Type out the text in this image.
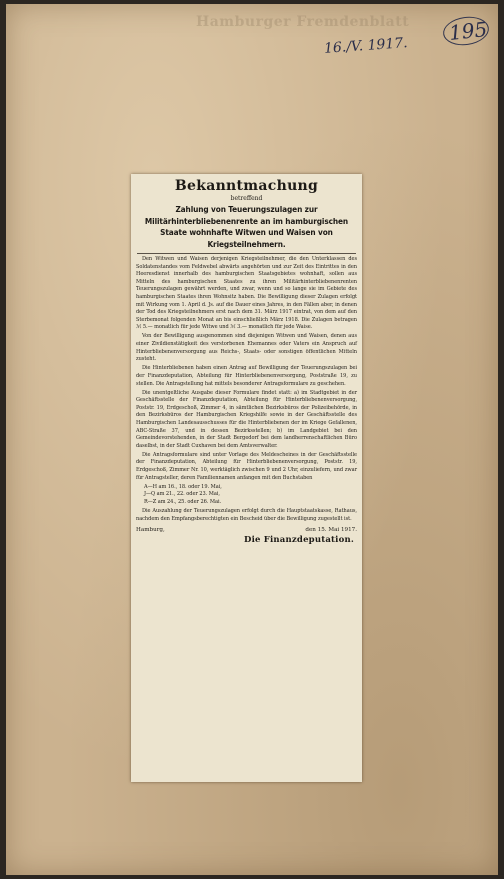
Hamburger Fremdenblatt
16./V. 1917.
195
Bekanntmachung
betreffend
Zahlung von Teuerungszulagen zur Militärhinterbliebenenrente an im hamburgischen Staate wohnhafte Witwen und Waisen von Kriegsteilnehmern.

Den Witwen und Waisen derjenigen Kriegsteilnehmer, die den Unterklassen des Soldatenstandes vom Feldwebel abwärts angehörten und zur Zeit des Eintrittes in den Heeresdienst innerhalb des hamburgischen Staatsgebietes wohnhaft, sollen aus Mitteln des hamburgischen Staates zu ihren Militärhinterbliebenenrenten Teuerungszulagen gewährt werden, und zwar, wenn und so lange sie im Gebiete des hamburgischen Staates ihren Wohnsitz haben. Die Bewilligung dieser Zulagen erfolgt mit Wirkung vom 1. April d. Js. auf die Dauer eines Jahres, in den Fällen aber, in denen der Tod des Kriegsteilnehmers erst nach dem 31. März 1917 eintrat, von dem auf den Sterbemonat folgenden Monat an bis einschließlich März 1918. Die Zulagen betragen ℳ 5.— monatlich für jede Witwe und ℳ 3.— monatlich für jede Waise.

Von der Bewilligung ausgenommen sind diejenigen Witwen und Waisen, denen aus einer Zivildienstätigkeit des verstorbenen Ehemannes oder Vaters ein Anspruch auf Hinterbliebenenversorgung aus Reichs-, Staats- oder sonstigen öffentlichen Mitteln zusteht.

Die Hinterbliebenen haben einen Antrag auf Bewilligung der Teuerungszulagen bei der Finanzdeputation, Abteilung für Hinterbliebenenversorgung, Poststraße 19, zu stellen. Die Antragstellung hat mittels besonderer Antragsformulare zu geschehen.

Die unentgeltliche Ausgabe dieser Formulare findet statt: a) im Stadtgebiet in der Geschäftsstelle der Finanzdeputation, Abteilung für Hinterbliebenenversorgung, Poststr. 19, Erdgeschoß, Zimmer 4, in sämtlichen Bezirksbüros der Polizeibehörde, in den Bezirksbüros der Hamburgischen Kriegshilfe sowie in der Geschäftsstelle des Hamburgischen Landesausschusses für die Hinterbliebenen der im Kriege Gefallenen, ABC-Straße 37, und in dessen Bezirksstellen; b) im Landgebiet bei den Gemeindevorstehenden, in der Stadt Bergedorf bei dem landherrenschaftlichen Büro daselbst, in der Stadt Cuxhaven bei dem Amtsverwalter.

Die Antragsformulare sind unter Vorlage des Meldescheines in der Geschäftsstelle der Finanzdeputation, Abteilung für Hinterbliebenenversorgung, Poststr. 19, Erdgeschoß, Zimmer Nr. 10, werktäglich zwischen 9 und 2 Uhr, einzuliefern, und zwar für Antragsteller, deren Familiennamen anfangen mit den Buchstaben

A—H am 16., 18. oder 19. Mai,
J—Q am 21., 22. oder 23. Mai,
R—Z am 24., 25. oder 26. Mai.

Die Auszahlung der Teuerungszulagen erfolgt durch die Hauptstaatskasse, Rathaus, nachdem den Empfangsberechtigten ein Bescheid über die Bewilligung zugestellt ist.

Hamburg,	den 15. Mai 1917.
Die Finanzdeputation.
